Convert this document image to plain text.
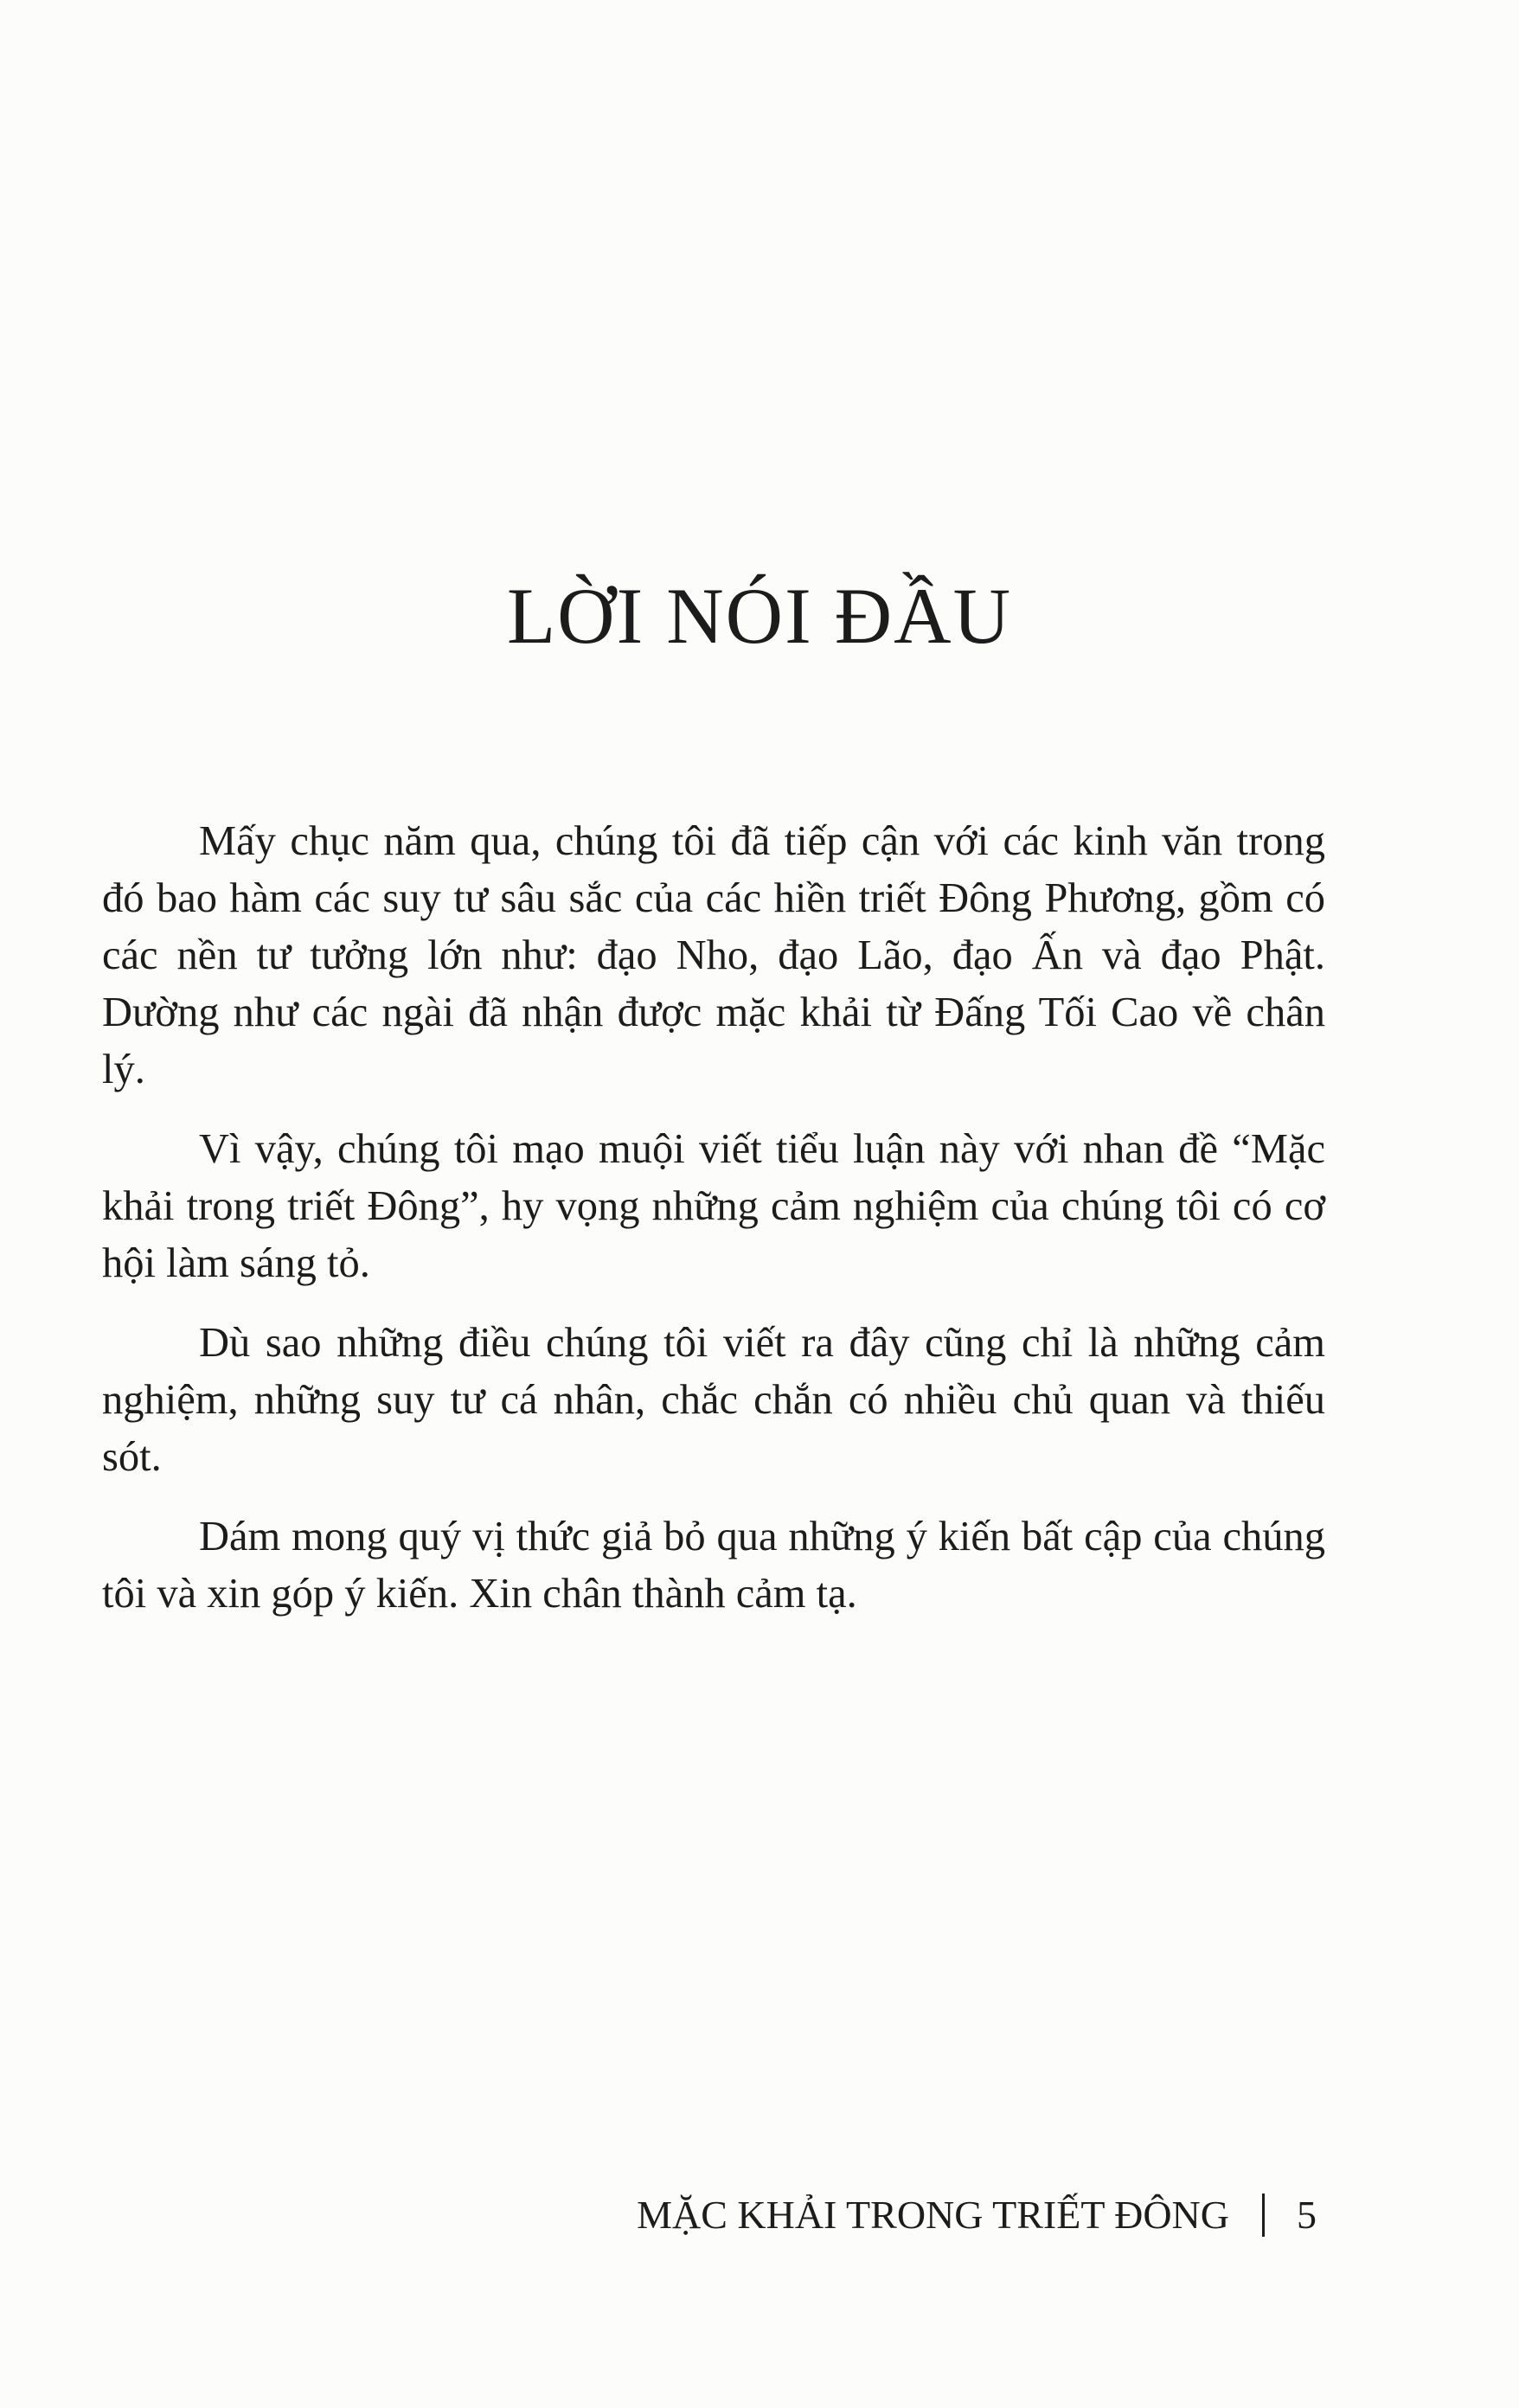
LỜI NÓI ĐẦU

Mấy chục năm qua, chúng tôi đã tiếp cận với các kinh văn trong đó bao hàm các suy tư sâu sắc của các hiền triết Đông Phương, gồm có các nền tư tưởng lớn như: đạo Nho, đạo Lão, đạo Ấn và đạo Phật. Dường như các ngài đã nhận được mặc khải từ Đấng Tối Cao về chân lý.

Vì vậy, chúng tôi mạo muội viết tiểu luận này với nhan đề “Mặc khải trong triết Đông”, hy vọng những cảm nghiệm của chúng tôi có cơ hội làm sáng tỏ.

Dù sao những điều chúng tôi viết ra đây cũng chỉ là những cảm nghiệm, những suy tư cá nhân, chắc chắn có nhiều chủ quan và thiếu sót.

Dám mong quý vị thức giả bỏ qua những ý kiến bất cập của chúng tôi và xin góp ý kiến. Xin chân thành cảm tạ.

MẶC KHẢI TRONG TRIẾT ĐÔNG 5
